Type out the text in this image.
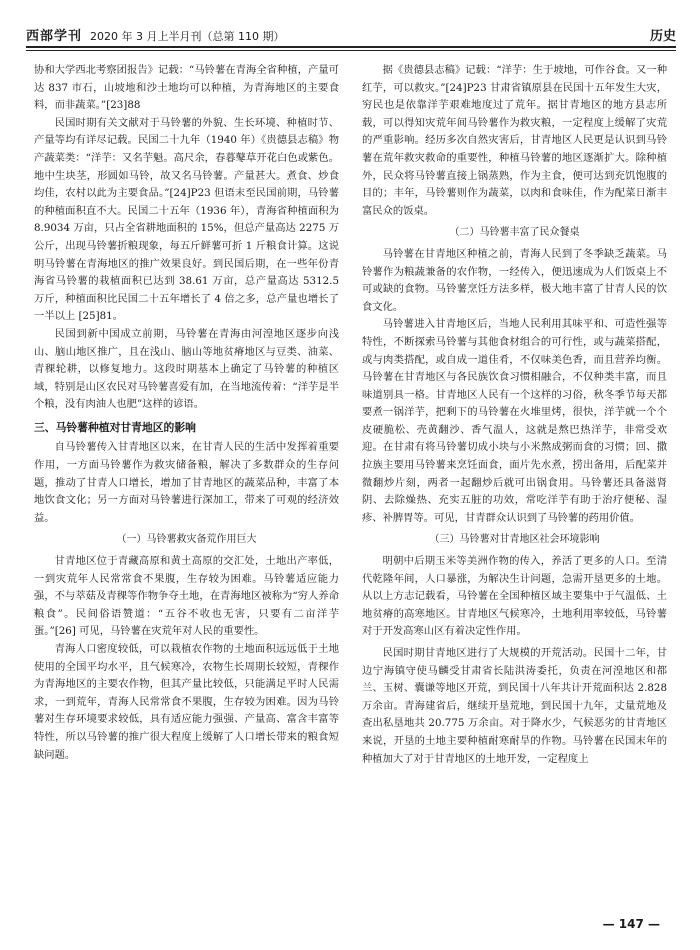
西部学刊 2020 年 3 月上半月刊（总第 110 期）	历史

协和大学西北考察团报告》记载：“马铃薯在青海全省种植，产量可达 837 市石，山坡地和沙土地均可以种植，为青海地区的主要食料，而非蔬菜。”[23]88

民国时期有关文献对于马铃薯的外貌、生长环境、种植时节、产量等均有详尽记载。民国二十九年（1940 年）《贵德县志稿》物产蔬菜类：“洋芋：又名芋魁。高尺余，春暮鼕草开花白色或紫色。地中生块茎，形圆如马铃，故又名马铃薯。产量甚大。煮食、炒食均佳，农村以此为主要食品。”[24]P23 但语末至民国前期，马铃薯的种植面积直不大。民国二十五年（1936 年），青海省种植面积为 8.9034 万亩，只占全省耕地面积的 15%，但总产量高达 2275 万公斤，出现马铃薯折粮现象，每五斤鲜薯可折 1 斤粮食计算。这说明马铃薯在青海地区的推广效果良好。到民国后期，在一些年份青海省马铃薯的栽植面积已达到 38.61 万亩，总产量高达 5312.5 万斤，种植面积比民国二十五年增长了 4 倍之多，总产量也增长了一半以上 [25]81。

民国到新中国成立前期，马铃薯在青海由河湟地区逐步向浅山、脑山地区推广，且在浅山、脑山等地贫瘠地区与豆类、油菜、青稞轮耕，以修复地力。这段时期基本上确定了马铃薯的种植区域，特别是山区农民对马铃薯喜爱有加，在当地流传着：“洋芋是半个粮，没有肉油人也肥”这样的谚语。

三、马铃薯种植对甘青地区的影响

自马铃薯传入甘青地区以来，在甘青人民的生活中发挥着重要作用，一方面马铃薯作为救灾储备粮，解决了多数群众的生存问题，推动了甘青人口增长，增加了甘青地区的蔬菜品种，丰富了本地饮食文化；另一方面对马铃薯进行深加工，带来了可观的经济效益。

（一）马铃薯救灾备荒作用巨大

甘青地区位于青藏高原和黄土高原的交汇处，土地出产率低，一到灾荒年人民常常食不果腹，生存较为困难。马铃薯适应能力强，不与萃菇及青稞等作物争夺土地，在青海地区被称为“穷人养命粮食”。民间俗语赞道：“五谷不收也无害，只要有二亩洋芋蛋。”[26] 可见，马铃薯在灾荒年对人民的重要性。

青海人口密度较低，可以栽植农作物的土地面积远远低于土地使用的全国平均水平，且气候寒冷，农物生长周期长较短，青稞作为青海地区的主要农作物，但其产量比较低，只能满足平时人民需求，一到荒年，青海人民常常食不果腹，生存较为困难。因为马铃薯对生存环境要求较低，具有适应能力强强、产量高、富含丰富等特性，所以马铃薯的推广很大程度上缓解了人口增长带来的粮食短缺问题。

据《贵德县志稿》记载：“洋芋：生于坡地，可作谷食。又一种红芋，可以救灾。”[24]P23 甘肃省镇原县在民国十五年发生大灾，穷民也是依靠洋芋艰难地度过了荒年。据甘青地区的地方县志所载，可以得知灾荒年间马铃薯作为救灾粮，一定程度上缓解了灾荒的严重影响。经历多次自然灾害后，甘青地区人民更是认识到马铃薯在荒年救灾救命的重要性，种植马铃薯的地区逐渐扩大。除种植外，民众将马铃薯直接上锅蒸熟，作为主食，便可达到充饥饱腹的目的；丰年，马铃薯则作为蔬菜，以肉和食味佳，作为配菜日渐丰富民众的饭桌。

（二）马铃薯丰富了民众餐桌

马铃薯在甘青地区种植之前，青海人民到了冬季缺乏蔬菜。马铃薯作为粮蔬兼备的农作物，一经传入，便迅速成为人们饭桌上不可或缺的食物。马铃薯烹饪方法多样，极大地丰富了甘青人民的饮食文化。

马铃薯进入甘青地区后，当地人民利用其味平和、可造性强等特性，不断探索马铃薯与其他食材组合的可行性，或与蔬菜搭配，或与肉类搭配，或自成一道佳肴，不仅味美色香，而且营养均衡。马铃薯在甘青地区与各民族饮食习惯相融合，不仅种类丰富，而且味道别具一格。甘青地区人民有一个这样的习俗，秋冬季节每天都要煮一锅洋芋，把剩下的马铃薯在火堆里烤，很快，洋芋就一个个皮硬脆松、壳黄翻沙、香气温人，这就是熬巴热洋芋，非常受欢迎。在甘肃有将马铃薯切成小块与小米熬成粥而食的习惯；回、撒拉族主要用马铃薯来烹饪面食，面片先水煮，捞出备用，后配菜并微翻炒片刻，两者一起翻炒后就可出锅食用。马铃薯还具备滋肾阴、去除燥热、充实五脏的功效，常吃洋芋有助于治疗便秘、湿疹、补脾胃等。可见，甘青群众认识到了马铃薯的药用价值。

（三）马铃薯对甘青地区社会环境影响

明朝中后期玉米等美洲作物的传入，养活了更多的人口。至清代乾隆年间，人口暴涨，为解决生计问题，急需开垦更多的土地。从以上方志记载看，马铃薯在全国种植区域主要集中于气温低、土地贫瘠的高寒地区。甘青地区气候寒冷，土地利用率较低，马铃薯对于开发高寒山区有着决定性作用。

民国时期甘青地区进行了大规模的开荒活动。民国十二年，甘边宁海镇守使马麟受甘肃省长陆洪涛委托，负责在河湟地区和都兰、玉树、囊谦等地区开荒，到民国十八年共计开荒面积达 2.828 万余亩。青海建省后，继续开垦荒地，到民国十九年，丈量荒地及查出私垦地共 20.775 万余亩。对于降水少，气候恶劣的甘青地区来说，开垦的土地主要种植耐寒耐旱的作物。马铃薯在民国末年的种植加大了对于甘青地区的土地开发，一定程度上

— 147 —
